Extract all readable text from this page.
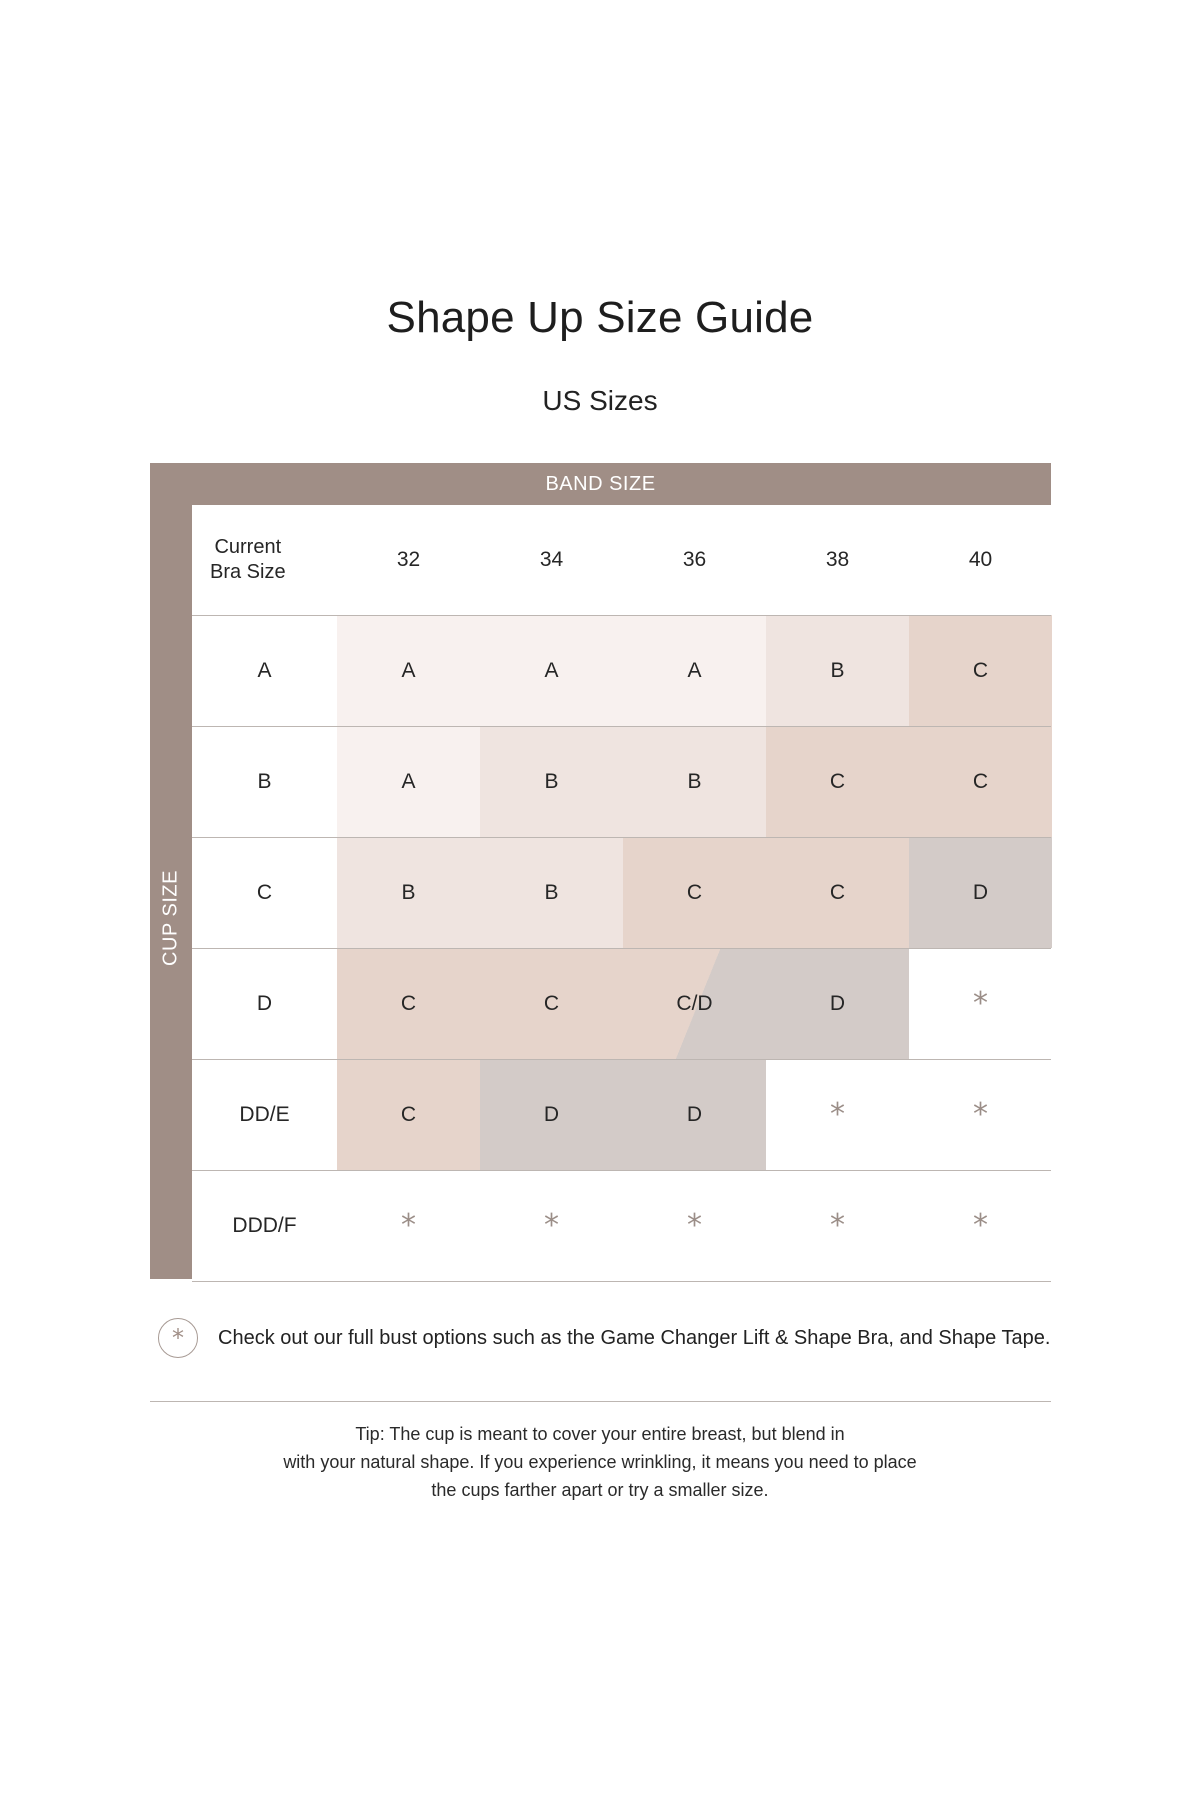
Shape Up Size Guide
US Sizes
BAND SIZE
CUP SIZE
Current
Bra Size
32	34	36	38	40
A	A	A	A	B	C
B	A	B	B	C	C
C	B	B	C	C	D
D	C	C	C/D	D	*
DD/E	C	D	D	*	*
DDD/F	*	*	*	*	*
*	Check out our full bust options such as the Game Changer Lift & Shape Bra, and Shape Tape.
Tip: The cup is meant to cover your entire breast, but blend in
with your natural shape. If you experience wrinkling, it means you need to place
the cups farther apart or try a smaller size.
